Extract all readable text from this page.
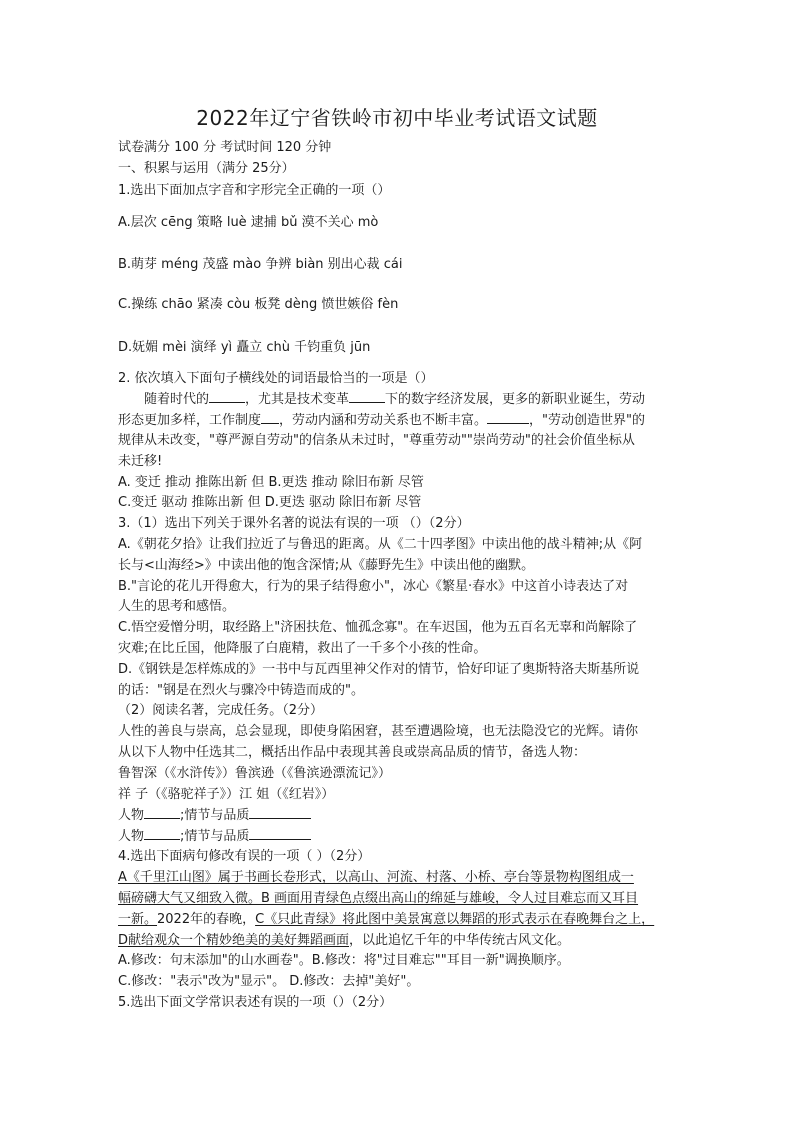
2022年辽宁省铁岭市初中毕业考试语文试题
试卷满分 100 分 考试时间 120 分钟
一、积累与运用（满分 25分）
1.选出下面加点字音和字形完全正确的一项（）
A.层次 cēng 策略 luè 逮捕 bǔ 漠不关心 mò
B.萌芽 méng 茂盛 mào 争辨 biàn 别出心裁 cái
C.操练 chāo 紧凑 còu 板凳 dèng 愤世嫉俗 fèn
D.妩媚 mèi 演绎 yì 矗立 chù 千钧重负 jūn
2. 依次填入下面句子横线处的词语最恰当的一项是（）
随着时代的	，尤其是技术变革	下的数字经济发展，更多的新职业诞生，劳动
形态更加多样，工作制度 ，劳动内涵和劳动关系也不断丰富。	，"劳动创造世界"的
规律从未改变，"尊严源自劳动"的信条从未过时，"尊重劳动""崇尚劳动"的社会价值坐标从
未迁移!
A. 变迁 推动 推陈出新 但 B.更迭 推动 除旧布新 尽管
C.变迁 驱动 推陈出新 但 D.更迭 驱动 除旧布新 尽管
3.（1）选出下列关于课外名著的说法有误的一项 （）（2分）
A.《朝花夕拾》让我们拉近了与鲁迅的距离。从《二十四孝图》中读出他的战斗精神;从《阿
长与<山海经>》中读出他的饱含深情;从《藤野先生》中读出他的幽默。
B."言论的花儿开得愈大，行为的果子结得愈小"，冰心《繁星·春水》中这首小诗表达了对
人生的思考和感悟。
C.悟空爱憎分明，取经路上"济困扶危、恤孤念寡"。在车迟国，他为五百名无辜和尚解除了
灾难;在比丘国，他降服了白鹿精，救出了一千多个小孩的性命。
D.《钢铁是怎样炼成的》一书中与瓦西里神父作对的情节，恰好印证了奥斯特洛夫斯基所说
的话："钢是在烈火与骤冷中铸造而成的"。
（2）阅读名著，完成任务。（2分）
人性的善良与崇高，总会显现，即使身陷困窘，甚至遭遇险境，也无法隐没它的光辉。请你
从以下人物中任选其二，概括出作品中表现其善良或崇高品质的情节，备选人物：
鲁智深（《水浒传》）鲁滨逊（《鲁滨逊漂流记》）
祥 子（《骆驼祥子》）江 姐（《红岩》）
人物	;情节与品质
人物	;情节与品质
4.选出下面病句修改有误的一项（ ）（2分）
A《千里江山图》属于书画长卷形式，以高山、河流、村落、小桥、亭台等景物构图组成一
幅磅礴大气又细致入微。B 画面用青绿色点缀出高山的绵延与雄峻，令人过目难忘而又耳目
一新。2022年的春晚，C《只此青绿》将此图中美景寓意以舞蹈的形式表示在春晚舞台之上，
D献给观众一个精妙绝美的美好舞蹈画面，以此追忆千年的中华传统古风文化。
A.修改：句末添加"的山水画卷"。B.修改：将"过目难忘""耳目一新"调换顺序。
C.修改："表示"改为"显示"。 D.修改：去掉"美好"。
5.选出下面文学常识表述有误的一项（）（2分）
